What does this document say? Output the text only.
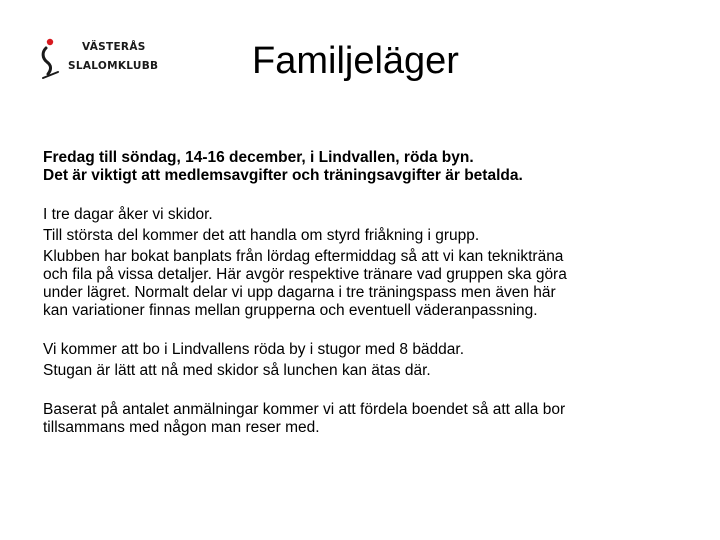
VÄSTERÅS
SLALOMKLUBB Familjeläger
Fredag till söndag, 14-16 december, i Lindvallen, röda byn.
Det är viktigt att medlemsavgifter och träningsavgifter är betalda.
I tre dagar åker vi skidor.
Till största del kommer det att handla om styrd friåkning i grupp.
Klubben har bokat banplats från lördag eftermiddag så att vi kan teknikträna
och fila på vissa detaljer. Här avgör respektive tränare vad gruppen ska göra
under lägret. Normalt delar vi upp dagarna i tre träningspass men även här
kan variationer finnas mellan grupperna och eventuell väderanpassning.
Vi kommer att bo i Lindvallens röda by i stugor med 8 bäddar.
Stugan är lätt att nå med skidor så lunchen kan ätas där.
Baserat på antalet anmälningar kommer vi att fördela boendet så att alla bor
tillsammans med någon man reser med.
